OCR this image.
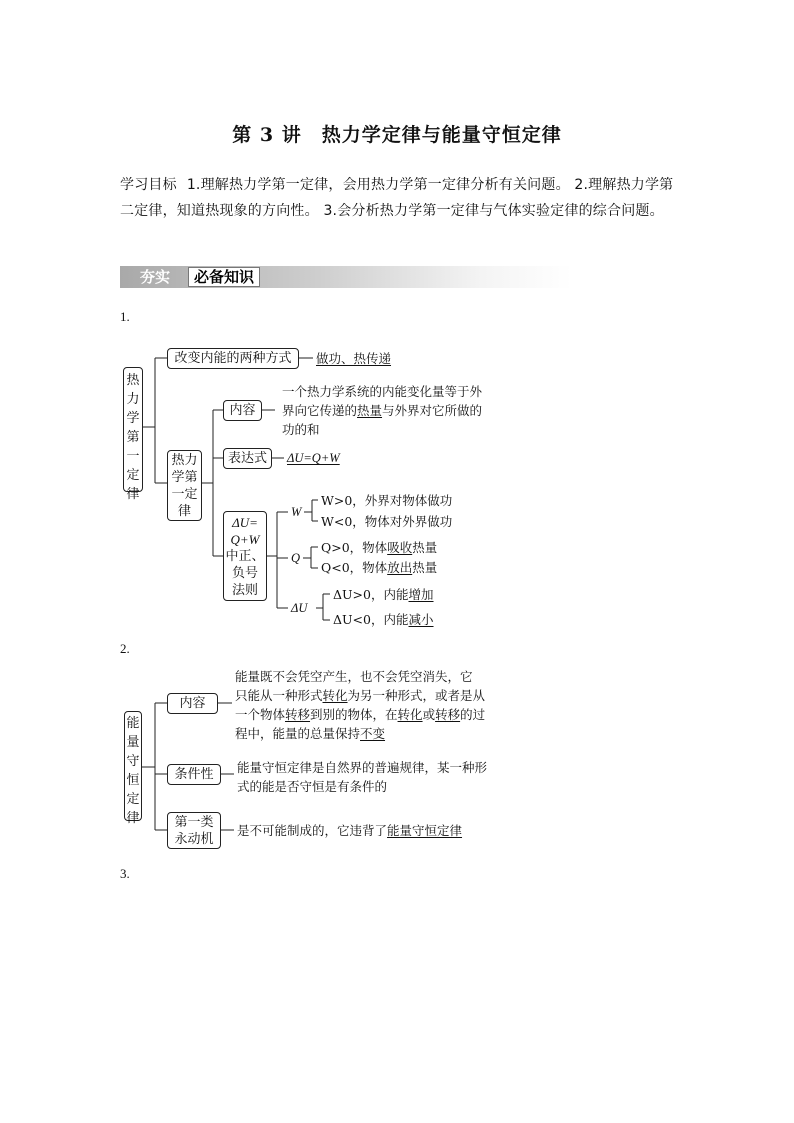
第 3 讲　热力学定律与能量守恒定律
学习目标 1.理解热力学第一定律，会用热力学第一定律分析有关问题。 2.理解热力学第二定律，知道热现象的方向性。 3.会分析热力学第一定律与气体实验定律的综合问题。
夯实	必备知识
1.
热力学第一定律
改变内能的两种方式	做功、热传递
热力学第一定律
内容
一个热力学系统的内能变化量等于外
界向它传递的热量与外界对它所做的
功的和
表达式	ΔU=Q+W
ΔU=
Q+W
中正、
负号
法则
W
W>0，外界对物体做功
W<0，物体对外界做功
Q
Q>0，物体吸收热量
Q<0，物体放出热量
ΔU
ΔU>0，内能增加
ΔU<0，内能减小
2.
能量守恒定律
内容
能量既不会凭空产生，也不会凭空消失，它
只能从一种形式转化为另一种形式，或者是从
一个物体转移到别的物体，在转化或转移的过
程中，能量的总量保持不变
条件性	能量守恒定律是自然界的普遍规律，某一种形
式的能是否守恒是有条件的
第一类
永动机
是不可能制成的，它违背了能量守恒定律
3.
